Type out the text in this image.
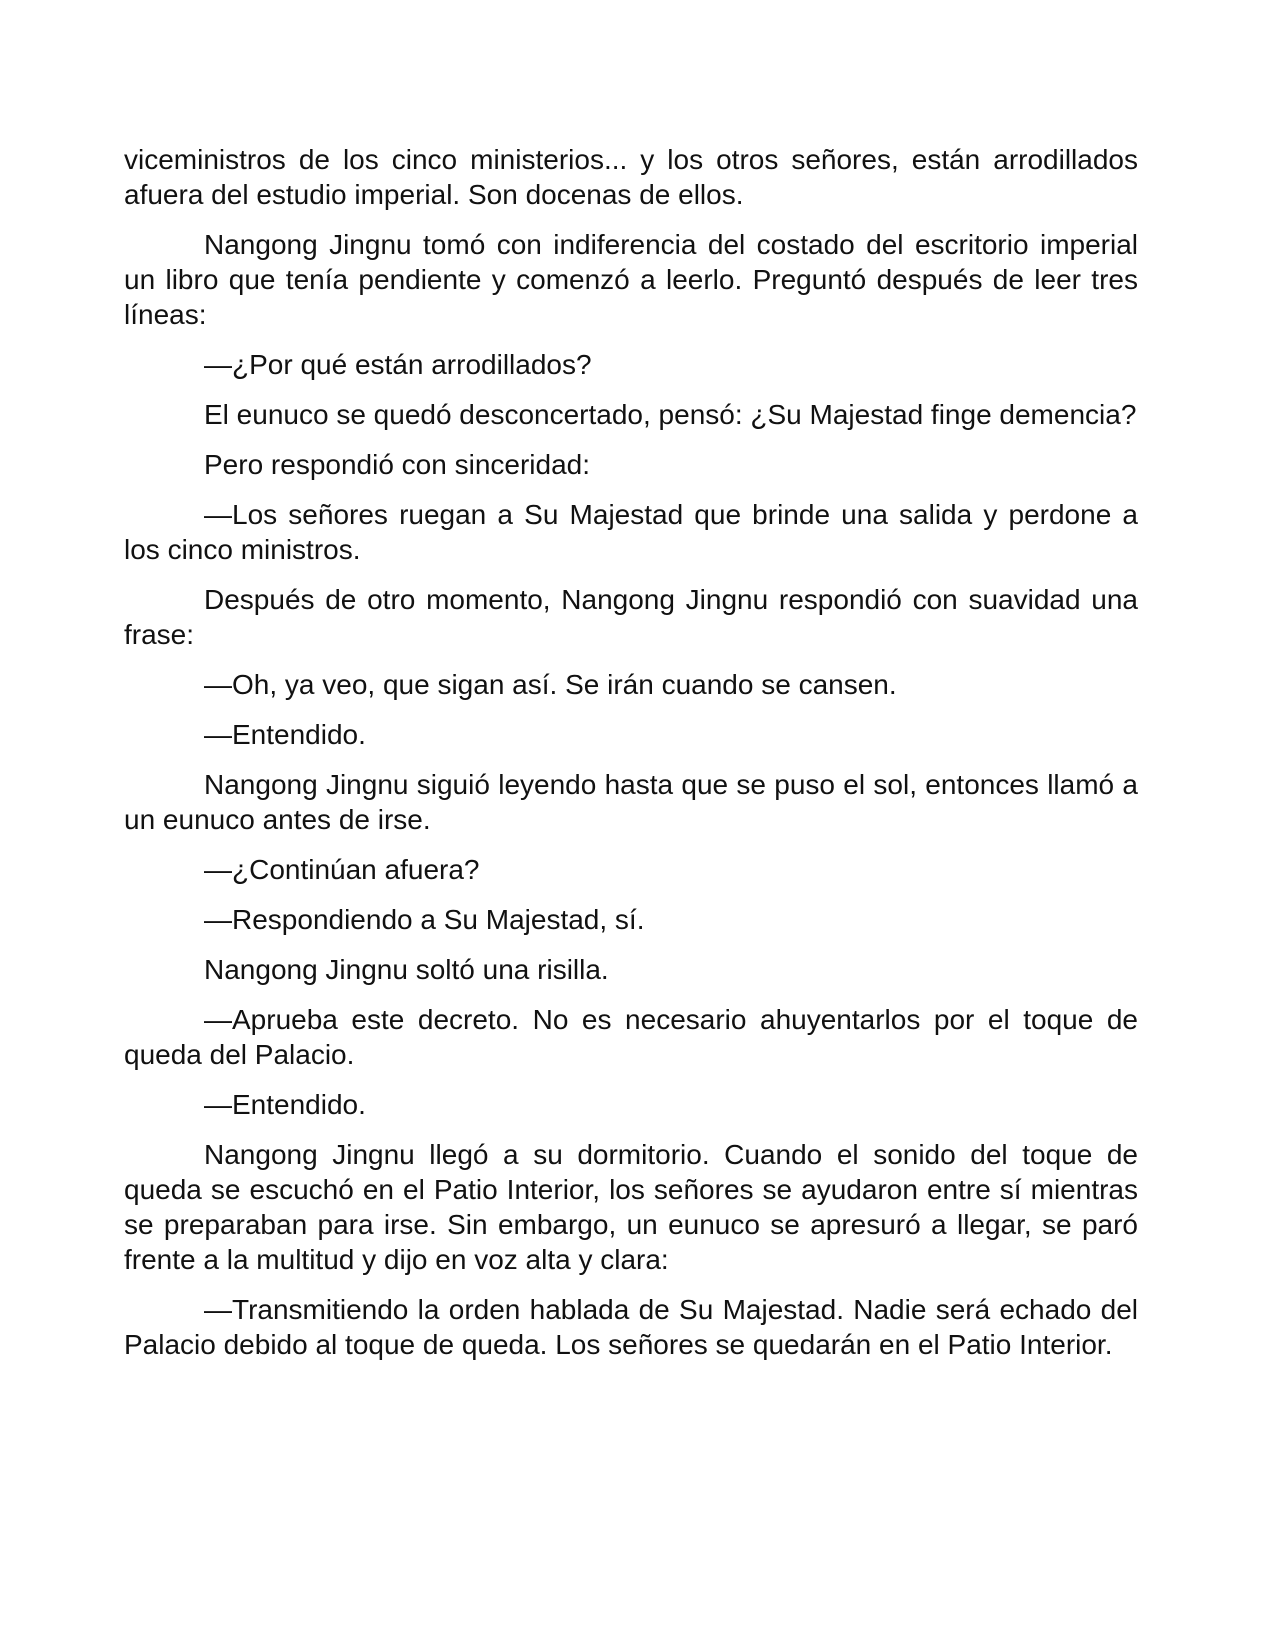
viceministros de los cinco ministerios... y los otros señores, están arrodillados afuera del estudio imperial. Son docenas de ellos.

Nangong Jingnu tomó con indiferencia del costado del escritorio imperial un libro que tenía pendiente y comenzó a leerlo. Preguntó después de leer tres líneas:

—¿Por qué están arrodillados?

El eunuco se quedó desconcertado, pensó: ¿Su Majestad finge demencia?

Pero respondió con sinceridad:

—Los señores ruegan a Su Majestad que brinde una salida y perdone a los cinco ministros.

Después de otro momento, Nangong Jingnu respondió con suavidad una frase:

—Oh, ya veo, que sigan así. Se irán cuando se cansen.

—Entendido.

Nangong Jingnu siguió leyendo hasta que se puso el sol, entonces llamó a un eunuco antes de irse.

—¿Continúan afuera?

—Respondiendo a Su Majestad, sí.

Nangong Jingnu soltó una risilla.

—Aprueba este decreto. No es necesario ahuyentarlos por el toque de queda del Palacio.

—Entendido.

Nangong Jingnu llegó a su dormitorio. Cuando el sonido del toque de queda se escuchó en el Patio Interior, los señores se ayudaron entre sí mientras se preparaban para irse. Sin embargo, un eunuco se apresuró a llegar, se paró frente a la multitud y dijo en voz alta y clara:

—Transmitiendo la orden hablada de Su Majestad. Nadie será echado del Palacio debido al toque de queda. Los señores se quedarán en el Patio Interior.
